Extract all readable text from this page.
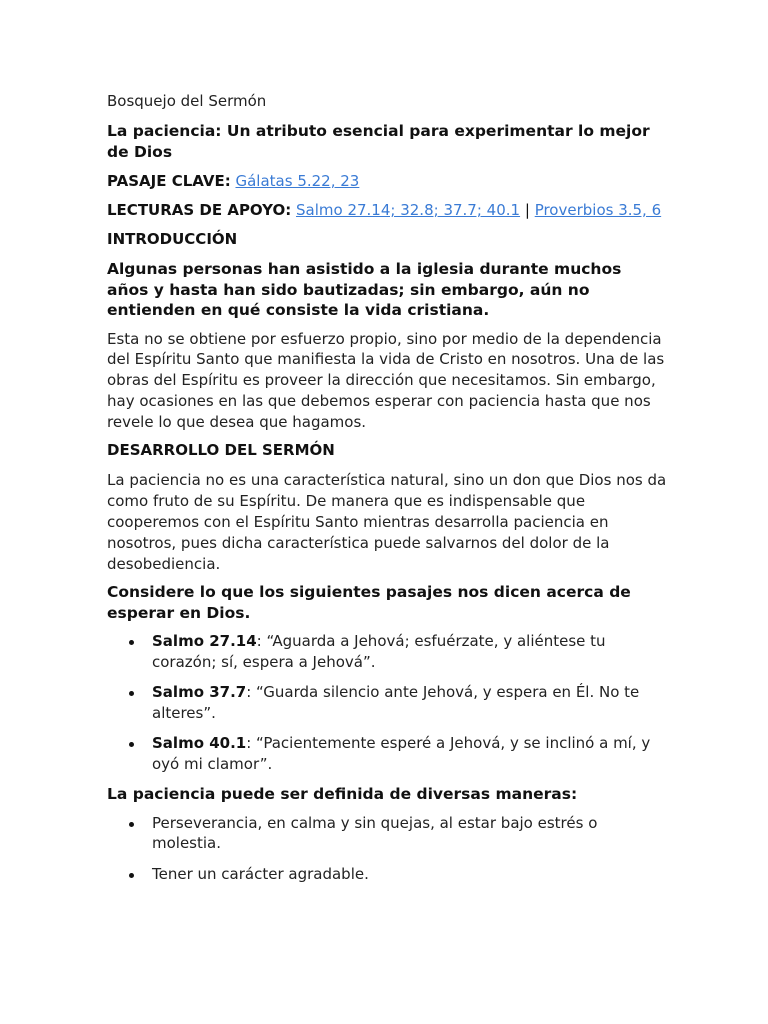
Bosquejo del Sermón

La paciencia: Un atributo esencial para experimentar lo mejor de Dios

PASAJE CLAVE: Gálatas 5.22, 23

LECTURAS DE APOYO: Salmo 27.14; 32.8; 37.7; 40.1 | Proverbios 3.5, 6

INTRODUCCIÓN

Algunas personas han asistido a la iglesia durante muchos años y hasta han sido bautizadas; sin embargo, aún no entienden en qué consiste la vida cristiana.

Esta no se obtiene por esfuerzo propio, sino por medio de la dependencia del Espíritu Santo que manifiesta la vida de Cristo en nosotros. Una de las obras del Espíritu es proveer la dirección que necesitamos. Sin embargo, hay ocasiones en las que debemos esperar con paciencia hasta que nos revele lo que desea que hagamos.

DESARROLLO DEL SERMÓN

La paciencia no es una característica natural, sino un don que Dios nos da como fruto de su Espíritu. De manera que es indispensable que cooperemos con el Espíritu Santo mientras desarrolla paciencia en nosotros, pues dicha característica puede salvarnos del dolor de la desobediencia.

Considere lo que los siguientes pasajes nos dicen acerca de esperar en Dios.

Salmo 27.14: “Aguarda a Jehová; esfuérzate, y aliéntese tu corazón; sí, espera a Jehová”.
Salmo 37.7: “Guarda silencio ante Jehová, y espera en Él. No te alteres”.
Salmo 40.1: “Pacientemente esperé a Jehová, y se inclinó a mí, y oyó mi clamor”.

La paciencia puede ser definida de diversas maneras:

Perseverancia, en calma y sin quejas, al estar bajo estrés o molestia.
Tener un carácter agradable.
